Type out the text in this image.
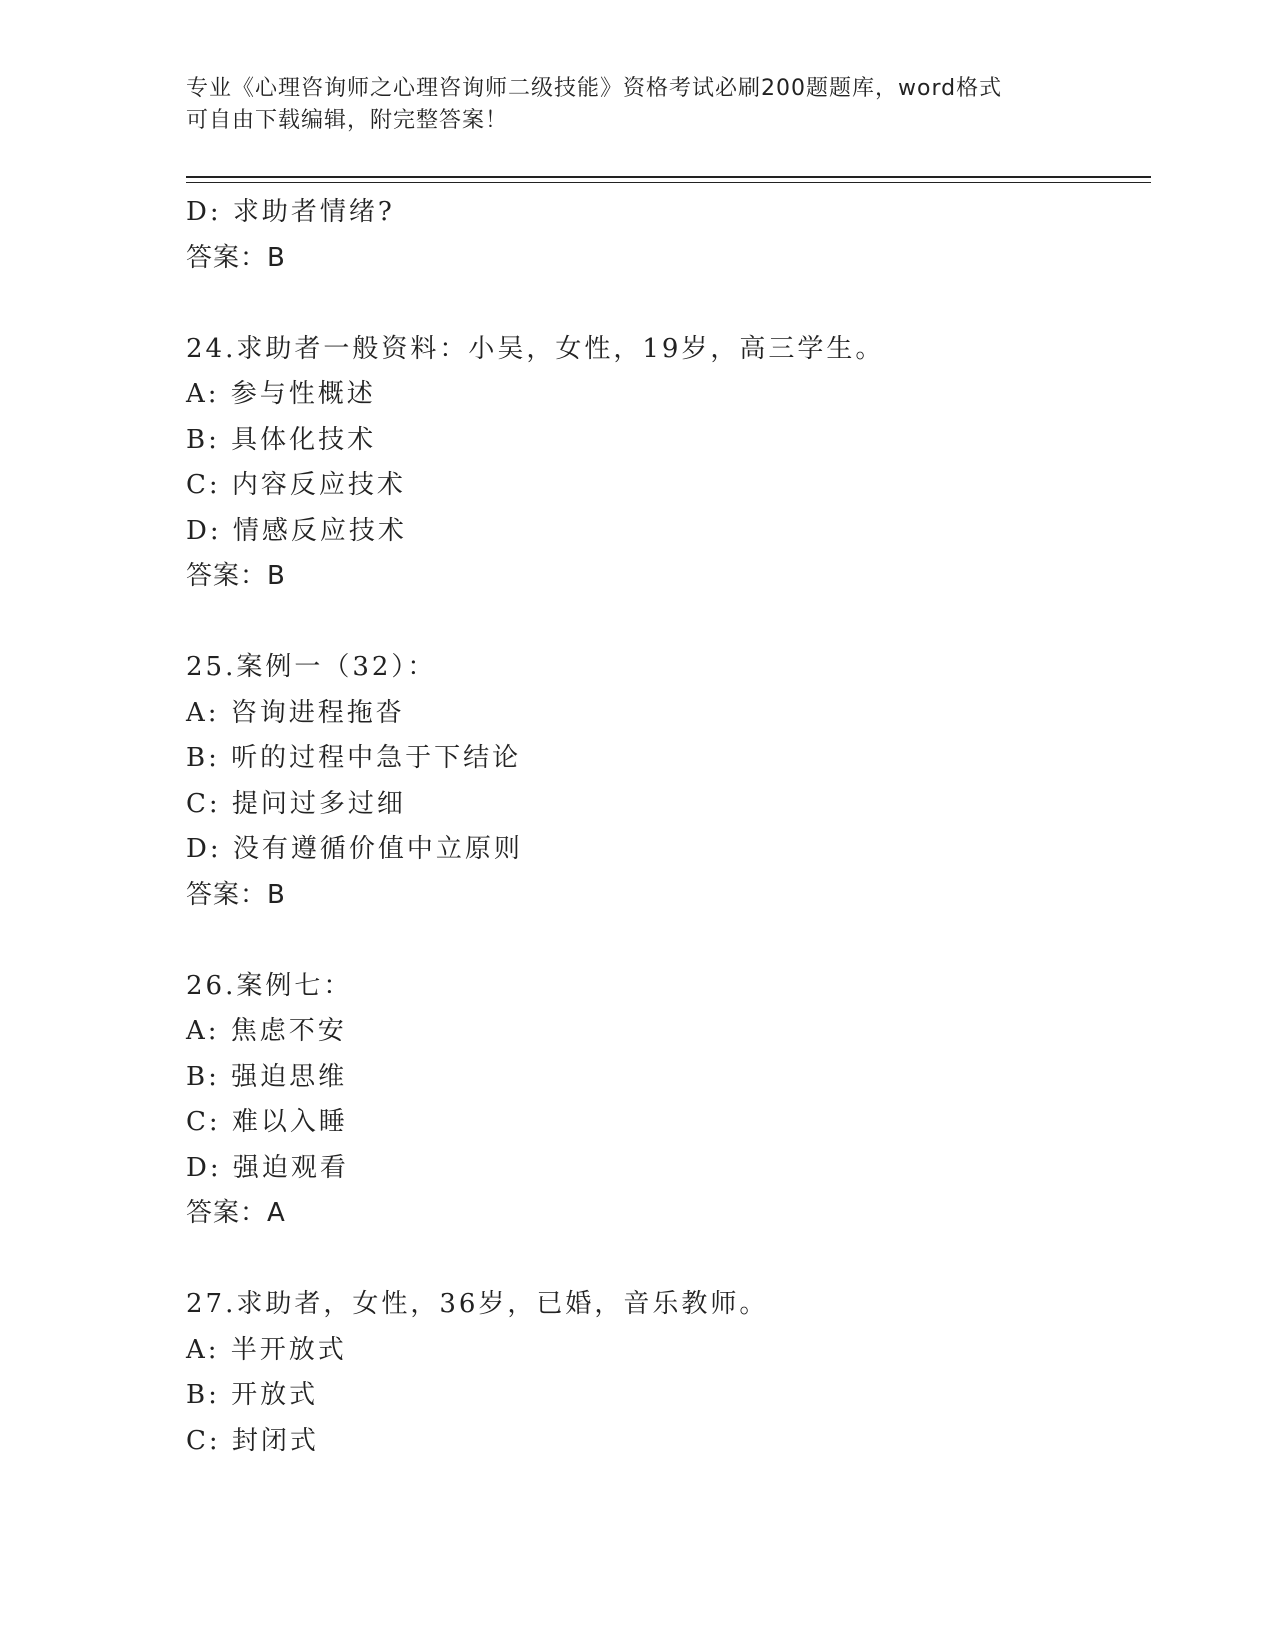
专业《心理咨询师之心理咨询师二级技能》资格考试必刷200题题库，word格式
可自由下载编辑，附完整答案！
D: 求助者情绪?
答案：B
24.求助者一般资料：小吴，女性，19岁，高三学生。
A: 参与性概述
B: 具体化技术
C: 内容反应技术
D: 情感反应技术
答案：B
25.案例一（32）：
A: 咨询进程拖沓
B: 听的过程中急于下结论
C: 提问过多过细
D: 没有遵循价值中立原则
答案：B
26.案例七：
A: 焦虑不安
B: 强迫思维
C: 难以入睡
D: 强迫观看
答案：A
27.求助者，女性，36岁，已婚，音乐教师。
A: 半开放式
B: 开放式
C: 封闭式
